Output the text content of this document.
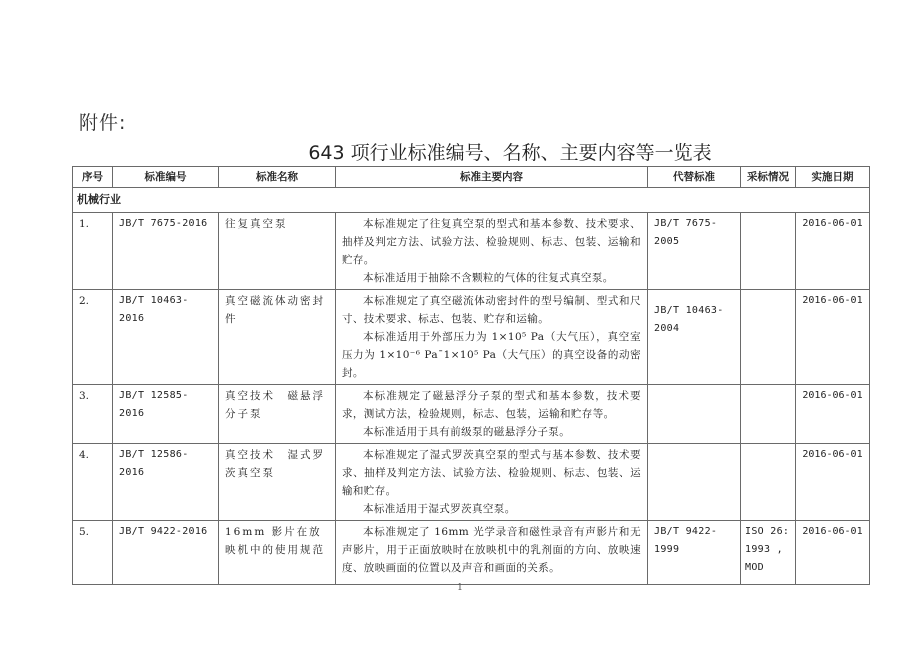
附件:
643 项行业标准编号、名称、主要内容等一览表
序号	标准编号	标准名称	标准主要内容	代替标准	采标情况	实施日期
机械行业						
1.	JB/T 7675-2016	往复真空泵	本标准规定了往复真空泵的型式和基本参数、技术要求、抽样及判定方法、试验方法、检验规则、标志、包装、运输和贮存。

本标准适用于抽除不含颗粒的气体的往复式真空泵。	JB/T 7675-2005		2016-06-01
2.	JB/T 10463-2016	真空磁流体动密封件	本标准规定了真空磁流体动密封件的型号编制、型式和尺寸、技术要求、标志、包装、贮存和运输。

本标准适用于外部压力为 1×10⁵ Pa（大气压），真空室压力为 1×10⁻⁶ Pa¯1×10⁵ Pa（大气压）的真空设备的动密封。	JB/T 10463-2004		2016-06-01
3.	JB/T 12585-2016	真空技术　磁悬浮分子泵	本标准规定了磁悬浮分子泵的型式和基本参数，技术要求，测试方法，检验规则，标志、包装，运输和贮存等。

本标准适用于具有前级泵的磁悬浮分子泵。			2016-06-01
4.	JB/T 12586-2016	真空技术　湿式罗茨真空泵	本标准规定了湿式罗茨真空泵的型式与基本参数、技术要求、抽样及判定方法、试验方法、检验规则、标志、包装、运输和贮存。

本标准适用于湿式罗茨真空泵。			2016-06-01
5.	JB/T 9422-2016	16mm 影片在放映机中的使用规范	本标准规定了 16mm 光学录音和磁性录音有声影片和无声影片，用于正面放映时在放映机中的乳剂面的方向、放映速度、放映画面的位置以及声音和画面的关系。	JB/T 9422-1999	ISO 26: 1993 , MOD	2016-06-01
1
